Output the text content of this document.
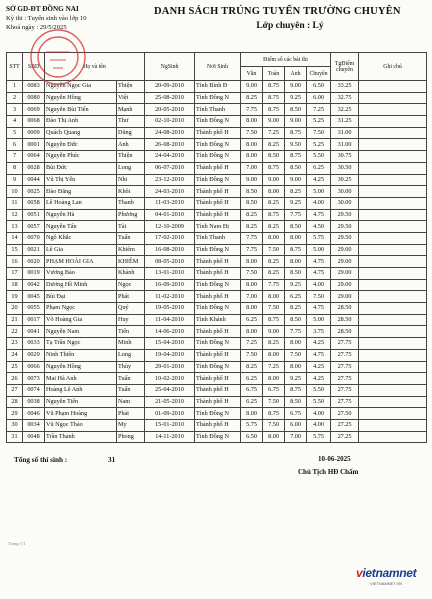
SỞ GD-ĐT ĐỒNG NAI
Kỳ thi : Tuyển sinh vào lớp 10
Khoá ngày : 29/5/2025
DANH SÁCH TRÚNG TUYỂN TRƯỜNG CHUYÊN
Lớp chuyên : Lý
STT	SBD	Họ và tên		NgSinh	Nơi Sinh	Điểm số các bài thi				TgĐiểm chuyên	Ghi chú
						Văn	Toán	Anh	Chuyên		
1	0083	Nguyễn Ngọc Gia	Thiện	20-09-2010	Tỉnh Bình Đ	9.00	8.75	9.00	6.50	33.25	
2	0080	Nguyễn Hồng	Việt	25-08-2010	Tỉnh Đồng N	8.25	8.75	9.25	6.00	32.75	
3	0069	Nguyễn Bùi Tiến	Mạnh	20-05-2010	Tỉnh Thanh	7.75	8.75	8.50	7.25	32.25	
4	0068	Đào Thị Anh	Thư	02-10-2010	Tỉnh Đồng N	8.00	9.00	9.00	5.25	31.25	
5	0009	Quách Quang	Dũng	24-08-2010	Thành phố H	7.50	7.25	8.75	7.50	31.00	
6	0001	Nguyễn Đức	Anh	26-08-2010	Tỉnh Đồng N	8.00	8.25	9.50	5.25	31.00	
7	0064	Nguyễn Phúc	Thiện	24-04-2010	Tỉnh Đồng N	8.00	8.50	8.75	5.50	30.75	
8	0028	Bùi Đức	Long	06-07-2010	Thành phố H	7.00	8.75	8.50	6.25	30.50	
9	0044	Vũ Thị Yến	Nhi	23-12-2010	Tỉnh Đồng N	9.00	9.00	9.00	4.25	30.25	
10	0025	Đào Đăng	Khôi	24-03-2010	Thành phố H	8.50	8.00	8.25	5.00	30.00	
11	0058	Lê Hoàng Lan	Thanh	11-03-2010	Thành phố H	8.50	8.25	9.25	4.00	30.00	
12	0051	Nguyễn Hà	Phương	04-01-2010	Thành phố H	8.25	8.75	7.75	4.75	29.50	
13	0057	Nguyễn Tấn	Tài	12-10-2009	Tỉnh Nam Đị	8.25	8.25	8.50	4.50	29.50	
14	0070	Ngô Khắc	Tuấn	17-02-2010	Tỉnh Thanh	7.75	8.00	8.00	5.75	29.50	
15	0021	Lê Gia	Khiêm	16-08-2010	Tỉnh Đồng N	7.75	7.50	8.75	5.00	29.00	
16	0020	PHẠM HOÀI GIA	KHIÊM	08-05-2010	Thành phố H	8.00	8.25	8.00	4.75	29.00	
17	0019	Vương Bảo	Khánh	13-01-2010	Thành phố H	7.50	8.25	8.50	4.75	29.00	
18	0042	Dương Hồ Minh	Ngọc	16-09-2010	Tỉnh Đồng N	8.00	7.75	9.25	4.00	29.00	
19	0045	Bùi Đại	Phát	11-02-2010	Thành phố H	7.00	8.00	6.25	7.50	29.00	
20	0055	Phạm Ngọc	Quý	19-05-2010	Tỉnh Đồng N	8.00	7.50	8.25	4.75	28.50	
21	0017	Võ Hoàng Gia	Huy	11-04-2010	Tỉnh Khánh	6.25	8.75	8.50	5.00	28.50	
22	0041	Nguyễn Nam	Tiến	14-06-2010	Thành phố H	8.00	9.00	7.75	3.75	28.50	
23	0033	Tạ Trần Ngọc	Minh	15-04-2010	Tỉnh Đồng N	7.25	8.25	8.00	4.25	27.75	
24	0029	Ninh Thiên	Long	19-04-2010	Thành phố H	7.50	8.00	7.50	4.75	27.75	
25	0066	Nguyễn Hồng	Thùy	29-01-2010	Tỉnh Đồng N	8.25	7.25	8.00	4.25	27.75	
26	0073	Mai Hà Anh	Tuấn	10-02-2010	Thành phố H	6.25	8.00	9.25	4.25	27.75	
27	0074	Hoàng Lê Anh	Tuấn	25-04-2010	Thành phố H	6.75	6.75	8.75	5.50	27.75	
28	0038	Nguyễn Tiến	Nam	21-05-2010	Thành phố H	6.25	7.50	8.50	5.50	27.75	
29	0046	Vũ Phạm Hoàng	Phát	01-09-2010	Tỉnh Đồng N	8.00	8.75	6.75	4.00	27.50	
30	0034	Vũ Ngọc Thảo	My	15-01-2010	Thành phố H	5.75	7.50	6.00	4.00	27.25	
31	0048	Trần Thanh	Phong	14-11-2010	Tỉnh Đồng N	6.50	8.00	7.00	5.75	27.25	
Tổng số thí sinh :	31	10-06-2025
Chủ Tịch HĐ Chấm
Trang 1/1
vietnamnet
VIETNAMNET.VN
